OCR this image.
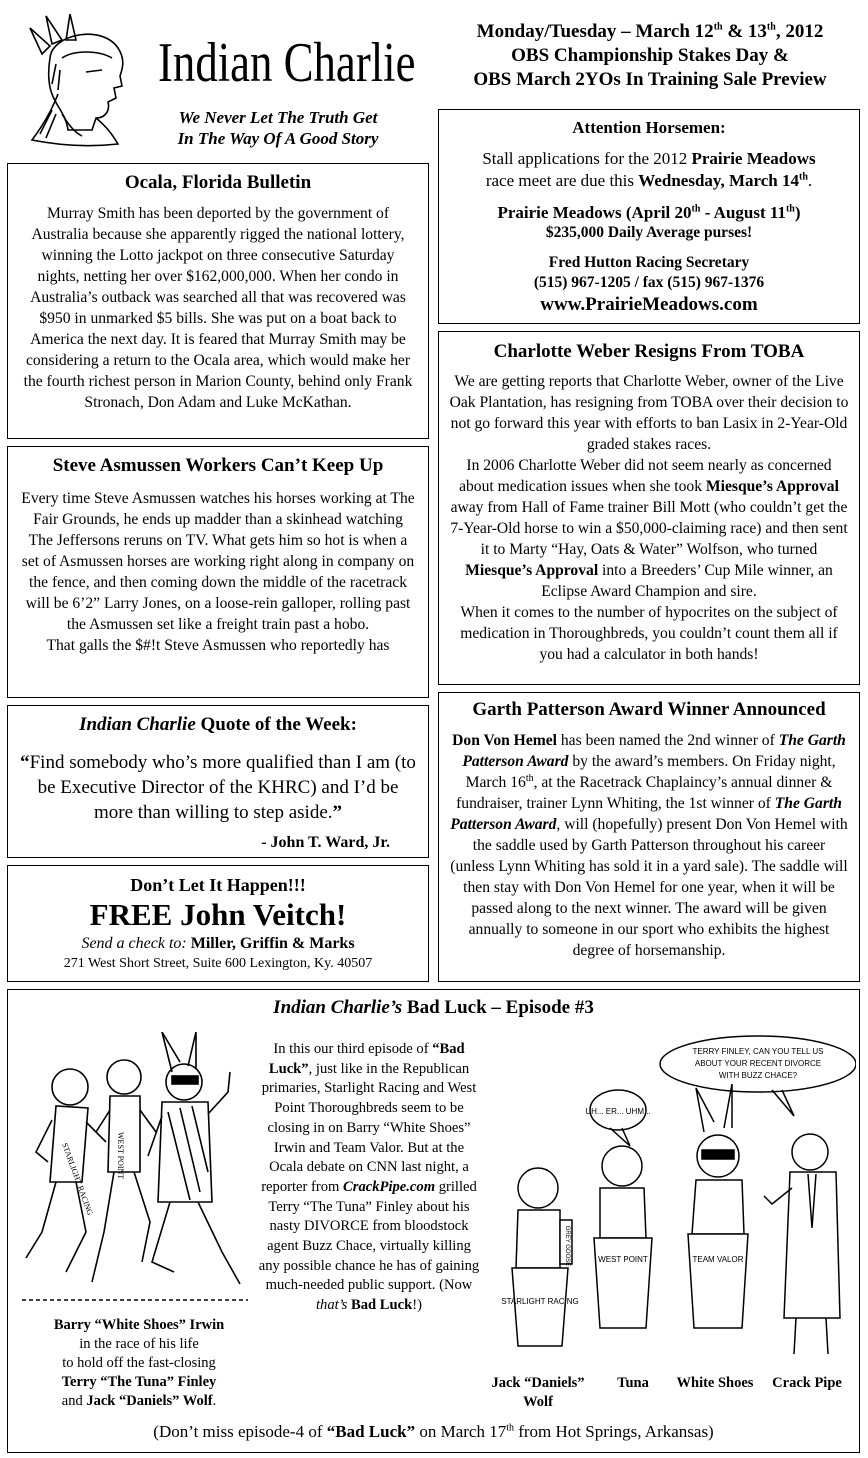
Indian Charlie
We Never Let The Truth Get
In The Way Of A Good Story
Monday/Tuesday – March 12th & 13th, 2012
OBS Championship Stakes Day &
OBS March 2YOs In Training Sale Preview
Ocala, Florida Bulletin

Murray Smith has been deported by the government of Australia because she apparently rigged the national lottery, winning the Lotto jackpot on three consecutive Saturday nights, netting her over $162,000,000. When her condo in Australia’s outback was searched all that was recovered was $950 in unmarked $5 bills. She was put on a boat back to America the next day. It is feared that Murray Smith may be considering a return to the Ocala area, which would make her the fourth richest person in Marion County, behind only Frank Stronach, Don Adam and Luke McKathan.

Attention Horsemen:

Stall applications for the 2012 Prairie Meadows
race meet are due this Wednesday, March 14th.

Prairie Meadows (April 20th - August 11th)

$235,000 Daily Average purses!

Fred Hutton Racing Secretary

(515) 967-1205 / fax (515) 967-1376

www.PrairieMeadows.com

Steve Asmussen Workers Can’t Keep Up

Every time Steve Asmussen watches his horses working at The Fair Grounds, he ends up madder than a skinhead watching The Jeffersons reruns on TV. What gets him so hot is when a set of Asmussen horses are working right along in company on the fence, and then coming down the middle of the racetrack will be 6’2” Larry Jones, on a loose-rein galloper, rolling past the Asmussen set like a freight train past a hobo.

That galls the $#!t Steve Asmussen who reportedly has

Charlotte Weber Resigns From TOBA

We are getting reports that Charlotte Weber, owner of the Live Oak Plantation, has resigning from TOBA over their decision to not go forward this year with efforts to ban Lasix in 2-Year-Old graded stakes races.

In 2006 Charlotte Weber did not seem nearly as concerned about medication issues when she took Miesque’s Approval away from Hall of Fame trainer Bill Mott (who couldn’t get the 7-Year-Old horse to win a $50,000-claiming race) and then sent it to Marty “Hay, Oats & Water” Wolfson, who turned Miesque’s Approval into a Breeders’ Cup Mile winner, an Eclipse Award Champion and sire.

When it comes to the number of hypocrites on the subject of medication in Thoroughbreds, you couldn’t count them all if you had a calculator in both hands!

Indian Charlie Quote of the Week:

“Find somebody who’s more qualified than I am (to be Executive Director of the KHRC) and I’d be more than willing to step aside.”

- John T. Ward, Jr.
Garth Patterson Award Winner Announced

Don Von Hemel has been named the 2nd winner of The Garth Patterson Award by the award’s members. On Friday night, March 16th, at the Racetrack Chaplaincy’s annual dinner & fundraiser, trainer Lynn Whiting, the 1st winner of The Garth Patterson Award, will (hopefully) present Don Von Hemel with the saddle used by Garth Patterson throughout his career (unless Lynn Whiting has sold it in a yard sale). The saddle will then stay with Don Von Hemel for one year, when it will be passed along to the next winner. The award will be given annually to someone in our sport who exhibits the highest degree of horsemanship.

Don’t Let It Happen!!!
FREE John Veitch!
Send a check to: Miller, Griffin & Marks
271 West Short Street, Suite 600 Lexington, Ky. 40507
Indian Charlie’s Bad Luck – Episode #3
STARLIGHT RACING	WEST POINT
Barry “White Shoes” Irwin
in the race of his life
to hold off the fast-closing
Terry “The Tuna” Finley
and Jack “Daniels” Wolf.

In this our third episode of “Bad Luck”, just like in the Republican primaries, Starlight Racing and West Point Thoroughbreds seem to be closing in on Barry “White Shoes” Irwin and Team Valor. But at the Ocala debate on CNN last night, a reporter from CrackPipe.com grilled Terry “The Tuna” Finley about his nasty DIVORCE from bloodstock agent Buzz Chace, virtually killing any possible chance he has of gaining much-needed public support. (Now that’s Bad Luck!)

TERRY FINLEY, CAN YOU TELL US
ABOUT YOUR RECENT DIVORCE
WITH BUZZ CHACE?
UH... ER... UHM...
GREY GOOSE
STARLIGHT RACING
WEST POINT	TEAM VALOR
Jack “Daniels” Wolf
Tuna	White Shoes	Crack Pipe
(Don’t miss episode-4 of “Bad Luck” on March 17th from Hot Springs, Arkansas)
